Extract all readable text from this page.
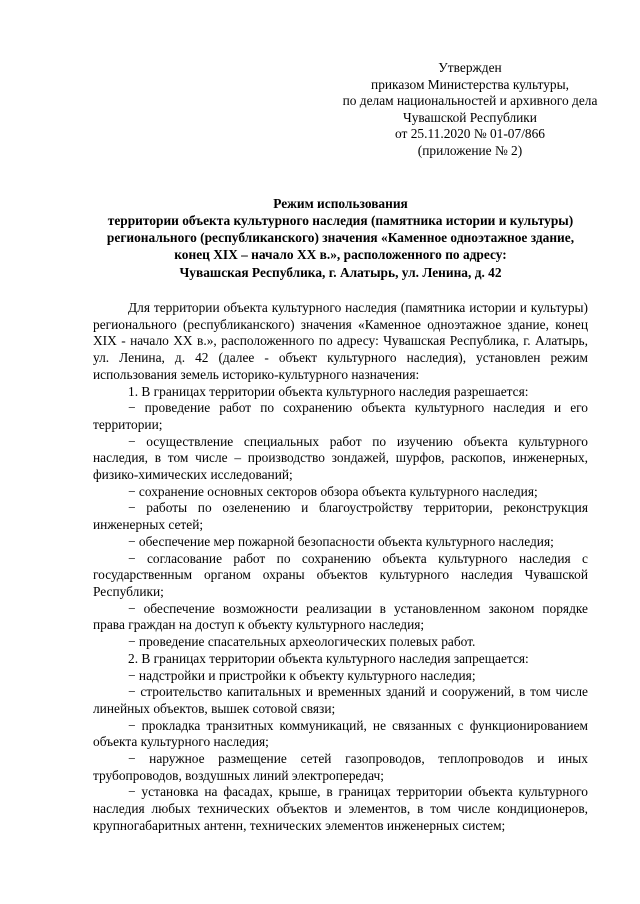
Утвержден
приказом Министерства культуры,
по делам национальностей и архивного дела
Чувашской Республики
от 25.11.2020 № 01-07/866
(приложение № 2)
Режим использования
территории объекта культурного наследия (памятника истории и культуры)
регионального (республиканского) значения «Каменное одноэтажное здание,
конец XIX – начало XX в.», расположенного по адресу:
Чувашская Республика, г. Алатырь, ул. Ленина, д. 42

Для территории объекта культурного наследия (памятника истории и культуры) регионального (республиканского) значения «Каменное одноэтажное здание, конец XIX - начало XX в.», расположенного по адресу: Чувашская Республика, г. Алатырь, ул. Ленина, д. 42 (далее - объект культурного наследия), установлен режим использования земель историко-культурного назначения:

1. В границах территории объекта культурного наследия разрешается:

− проведение работ по сохранению объекта культурного наследия и его территории;

− осуществление специальных работ по изучению объекта культурного наследия, в том числе – производство зондажей, шурфов, раскопов, инженерных, физико-химических исследований;

− сохранение основных секторов обзора объекта культурного наследия;

− работы по озеленению и благоустройству территории, реконструкция инженерных сетей;

− обеспечение мер пожарной безопасности объекта культурного наследия;

− согласование работ по сохранению объекта культурного наследия с государственным органом охраны объектов культурного наследия Чувашской Республики;

− обеспечение возможности реализации в установленном законом порядке права граждан на доступ к объекту культурного наследия;

− проведение спасательных археологических полевых работ.

2. В границах территории объекта культурного наследия запрещается:

− надстройки и пристройки к объекту культурного наследия;

− строительство капитальных и временных зданий и сооружений, в том числе линейных объектов, вышек сотовой связи;

− прокладка транзитных коммуникаций, не связанных с функционированием объекта культурного наследия;

− наружное размещение сетей газопроводов, теплопроводов и иных трубопроводов, воздушных линий электропередач;

− установка на фасадах, крыше, в границах территории объекта культурного наследия любых технических объектов и элементов, в том числе кондиционеров, крупногабаритных антенн, технических элементов инженерных систем;
